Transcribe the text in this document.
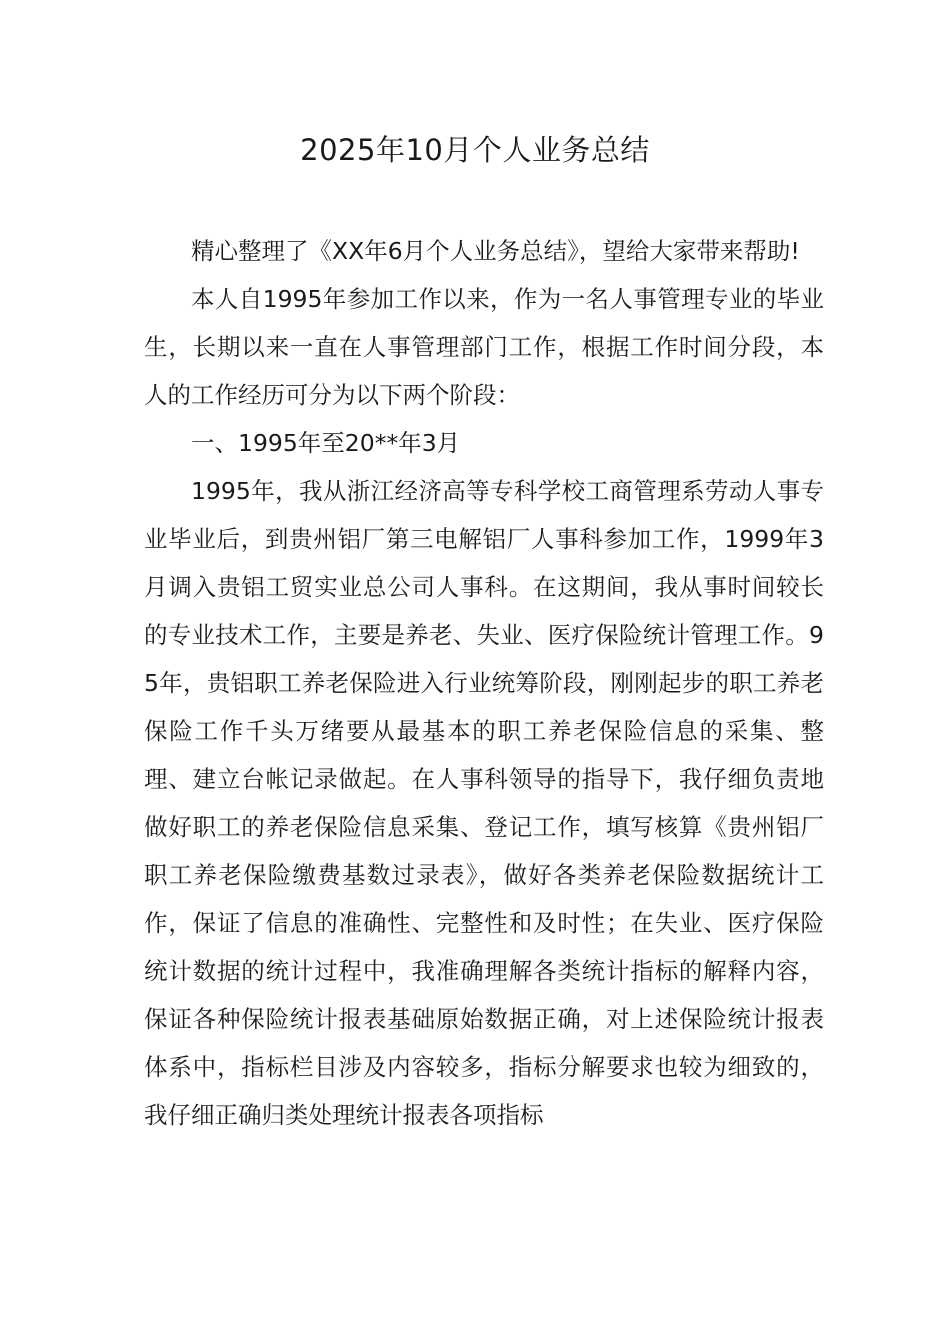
2025年10月个人业务总结

精心整理了《XX年6月个人业务总结》，望给大家带来帮助!

本人自1995年参加工作以来，作为一名人事管理专业的毕业生，长期以来一直在人事管理部门工作，根据工作时间分段，本人的工作经历可分为以下两个阶段：

一、1995年至20**年3月

1995年，我从浙江经济高等专科学校工商管理系劳动人事专业毕业后，到贵州铝厂第三电解铝厂人事科参加工作，1999年3月调入贵铝工贸实业总公司人事科。在这期间，我从事时间较长的专业技术工作，主要是养老、失业、医疗保险统计管理工作。95年，贵铝职工养老保险进入行业统筹阶段，刚刚起步的职工养老保险工作千头万绪要从最基本的职工养老保险信息的采集、整理、建立台帐记录做起。在人事科领导的指导下，我仔细负责地做好职工的养老保险信息采集、登记工作，填写核算《贵州铝厂职工养老保险缴费基数过录表》，做好各类养老保险数据统计工作，保证了信息的准确性、完整性和及时性；在失业、医疗保险统计数据的统计过程中，我准确理解各类统计指标的解释内容，保证各种保险统计报表基础原始数据正确，对上述保险统计报表体系中，指标栏目涉及内容较多，指标分解要求也较为细致的，我仔细正确归类处理统计报表各项指标
